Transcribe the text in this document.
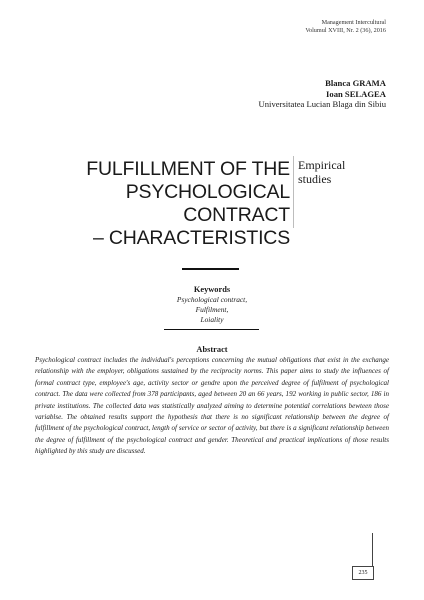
Management Intercultural
Volumul XVIII, Nr. 2 (36), 2016
Blanca GRAMA
Ioan SELAGEA
Universitatea Lucian Blaga din Sibiu
FULFILLMENT OF THE
PSYCHOLOGICAL CONTRACT
– CHARACTERISTICS
Empirical
studies
Keywords
Psychological contract,
Fulfilment,
Loiality
Abstract
Psychological contract includes the individual's perceptions concerning the mutual obligations that exist in the exchange relationship with the employer, obligations sustained by the reciprocity norms. This paper aims to study the influences of formal contract type, employee's age, activity sector or gendre upon the perceived degree of fulfilment of psychological contract. The data were collected from 378 participants, aged between 20 an 66 years, 192 working in public sector, 186 in private institutions. The collected data was statistically analyzed aiming to determine potential correlations bewteen those variablse. The obtained results support the hypothesis that there is no significant relationship between the degree of fulfillment of the psychological contract, length of service or sector of activity, but there is a significant relationship between the degree of fulfillment of the psychological contract and gender. Theoretical and practical implications of those results highlighted by this study are discussed.
235
